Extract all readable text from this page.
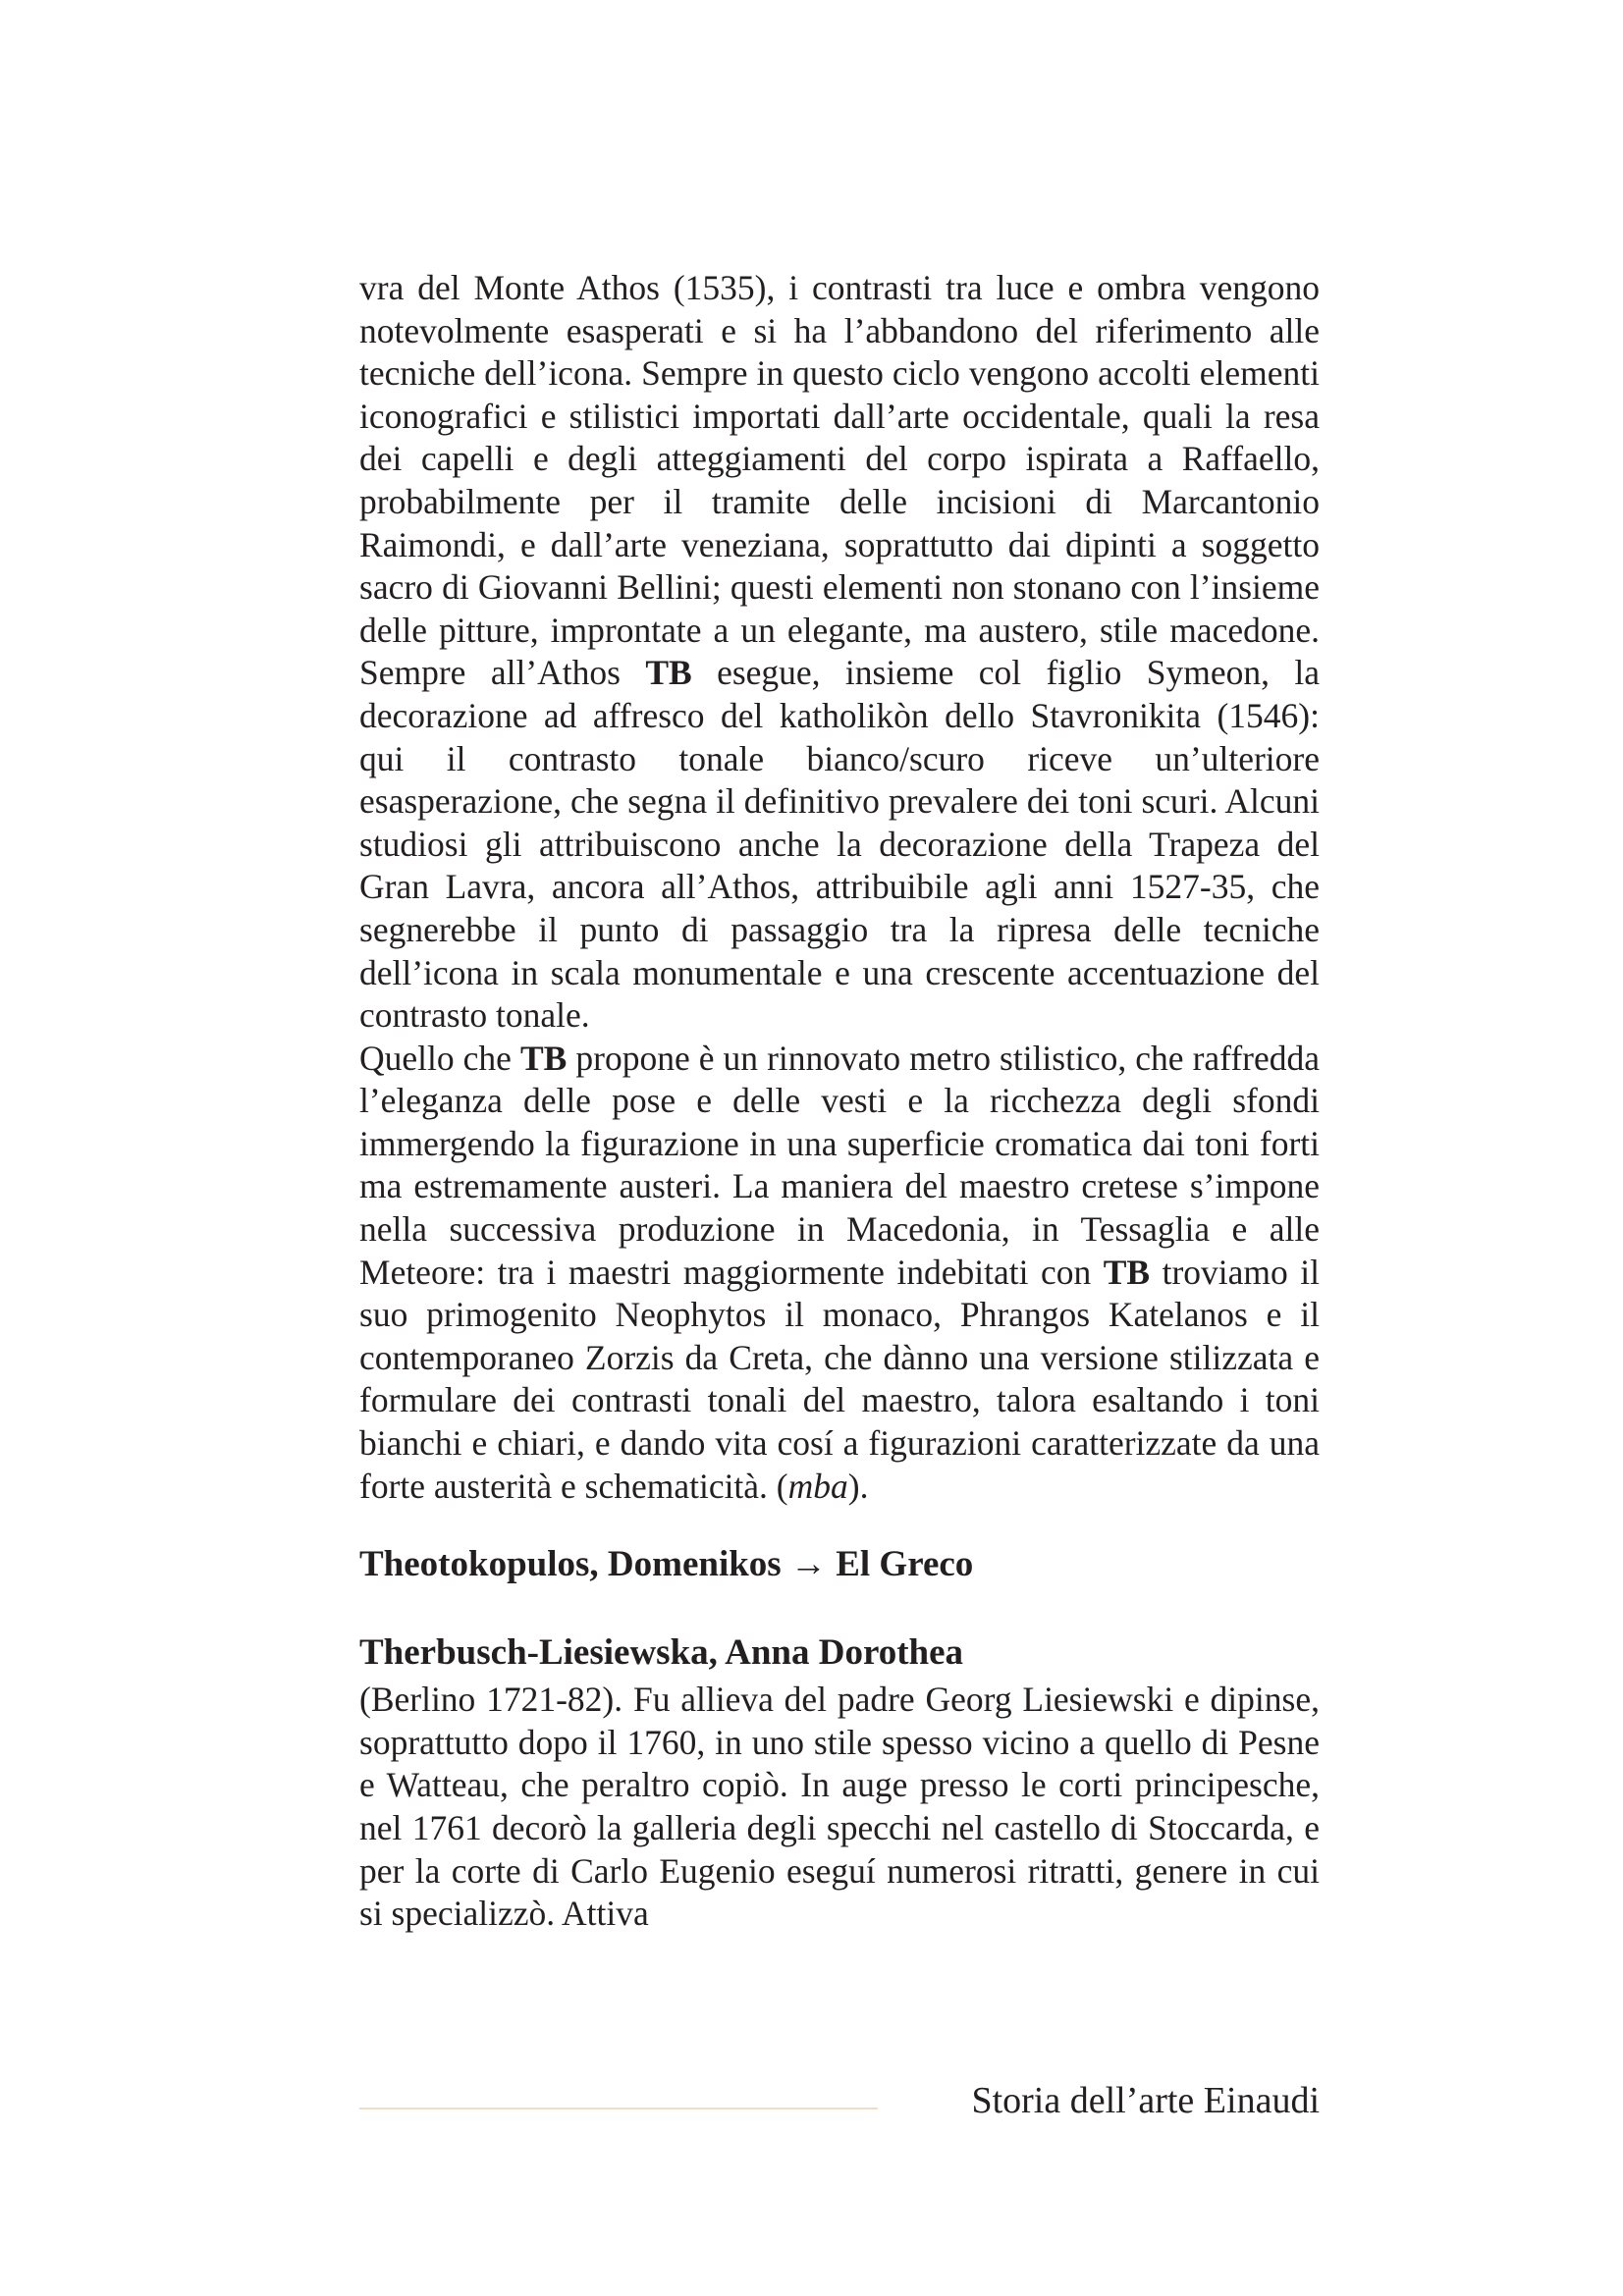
vra del Monte Athos (1535), i contrasti tra luce e ombra vengono notevolmente esasperati e si ha l’abbandono del riferimento alle tecniche dell’icona. Sempre in questo ciclo vengono accolti elementi iconografici e stilistici importati dall’arte occidentale, quali la resa dei capelli e degli atteggiamenti del corpo ispirata a Raffaello, probabilmente per il tramite delle incisioni di Marcantonio Raimondi, e dall’arte veneziana, soprattutto dai dipinti a soggetto sacro di Giovanni Bellini; questi elementi non stonano con l’insieme delle pitture, improntate a un elegante, ma austero, stile macedone. Sempre all’Athos TB esegue, insieme col figlio Symeon, la decorazione ad affresco del katholikòn dello Stavronikita (1546): qui il contrasto tonale bianco/scuro riceve un’ulteriore esasperazione, che segna il definitivo prevalere dei toni scuri. Alcuni studiosi gli attribuiscono anche la decorazione della Trapeza del Gran Lavra, ancora all’Athos, attribuibile agli anni 1527-35, che segnerebbe il punto di passaggio tra la ripresa delle tecniche dell’icona in scala monumentale e una crescente accentuazione del contrasto tonale.

Quello che TB propone è un rinnovato metro stilistico, che raffredda l’eleganza delle pose e delle vesti e la ricchezza degli sfondi immergendo la figurazione in una superficie cromatica dai toni forti ma estremamente austeri. La maniera del maestro cretese s’impone nella successiva produzione in Macedonia, in Tessaglia e alle Meteore: tra i maestri maggiormente indebitati con TB troviamo il suo primogenito Neophytos il monaco, Phrangos Katelanos e il contemporaneo Zorzis da Creta, che dànno una versione stilizzata e formulare dei contrasti tonali del maestro, talora esaltando i toni bianchi e chiari, e dando vita cosí a figurazioni caratterizzate da una forte austerità e schematicità. (mba).

Theotokopulos, Domenikos → El Greco
Therbusch-Liesiewska, Anna Dorothea

(Berlino 1721-82). Fu allieva del padre Georg Liesiewski e dipinse, soprattutto dopo il 1760, in uno stile spesso vicino a quello di Pesne e Watteau, che peraltro copiò. In auge presso le corti principesche, nel 1761 decorò la galleria degli specchi nel castello di Stoccarda, e per la corte di Carlo Eugenio eseguí numerosi ritratti, genere in cui si specializzò. Attiva

Storia dell’arte Einaudi
